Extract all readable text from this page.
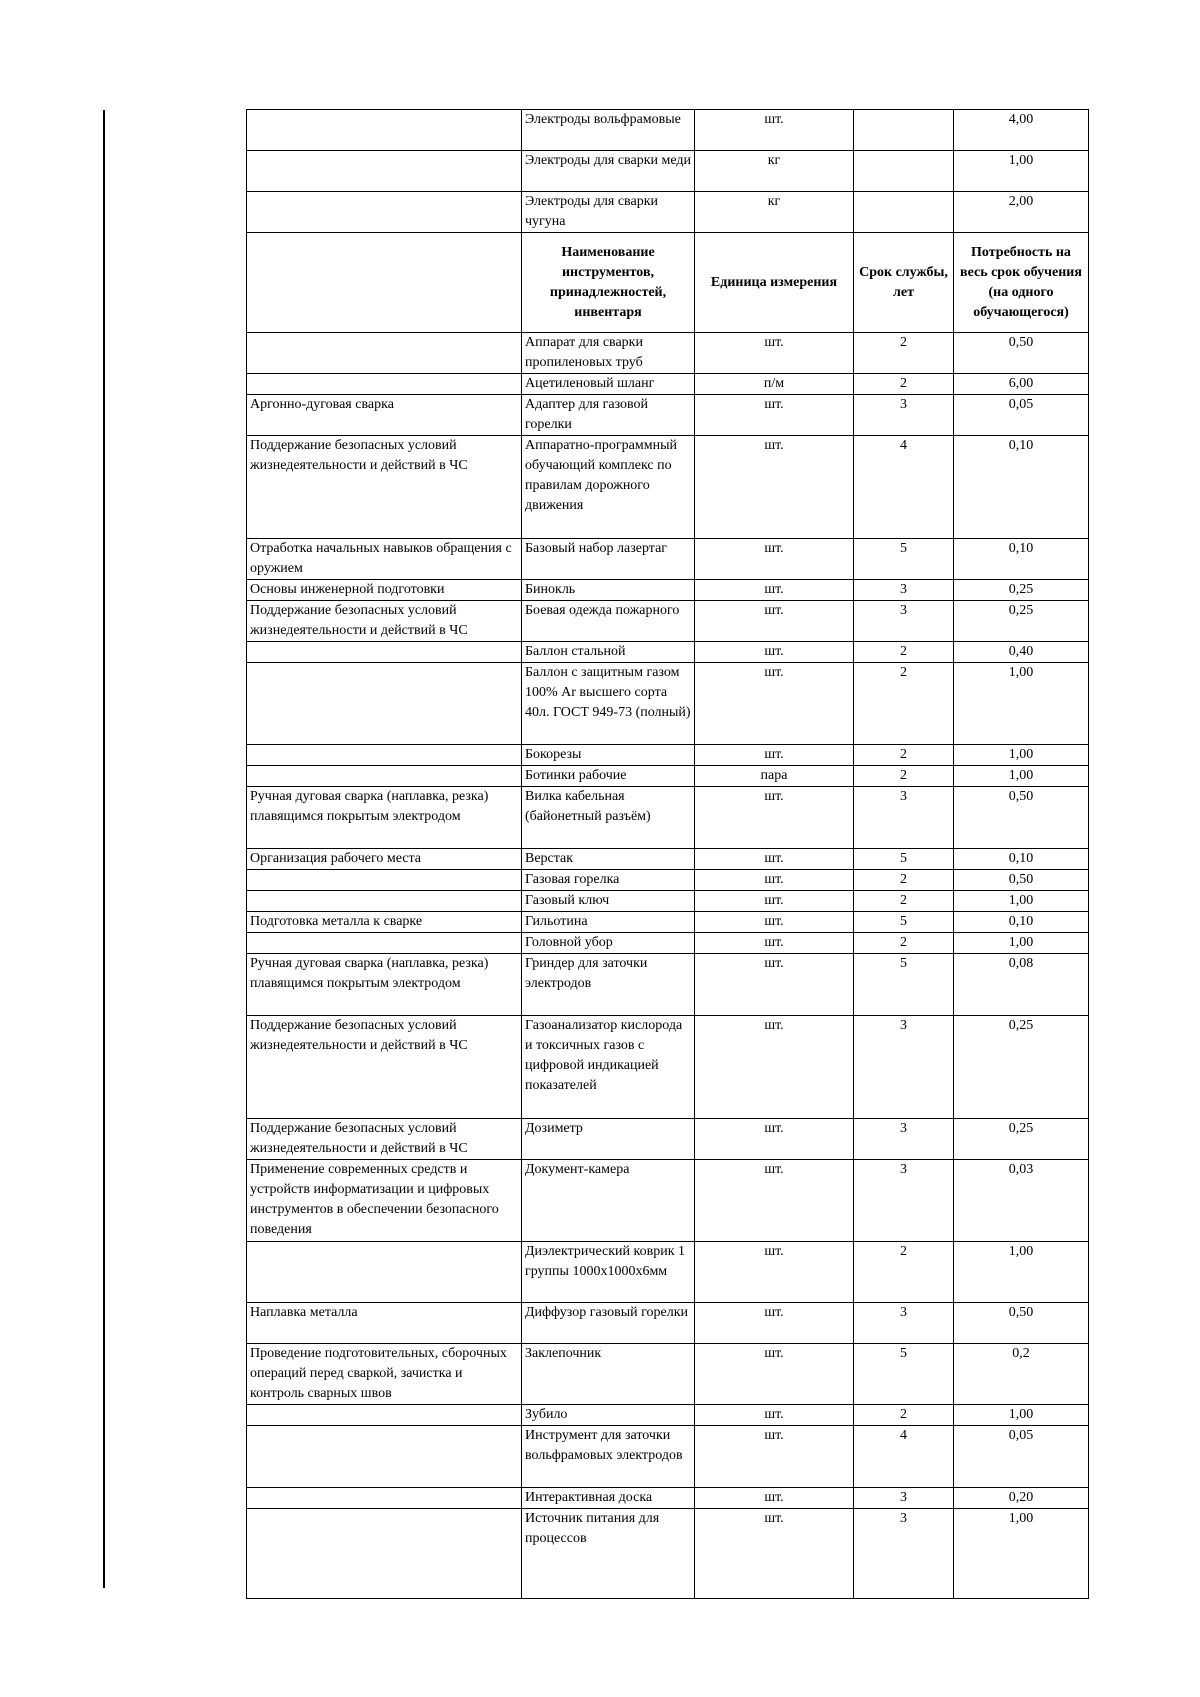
	Электроды вольфрамовые	шт.		4,00
	Электроды для сварки меди	кг		1,00
	Электроды для сварки чугуна	кг		2,00
	Наименование инструментов, принадлежностей, инвентаря	Единица измерения	Срок службы, лет	Потребность на весь срок обучения (на одного обучающегося)
	Аппарат для сварки пропиленовых труб	шт.	2	0,50
	Ацетиленовый шланг	п/м	2	6,00
Аргонно-дуговая сварка	Адаптер для газовой горелки	шт.	3	0,05
Поддержание безопасных условий жизнедеятельности и действий в ЧС	Аппаратно-программный обучающий комплекс по правилам дорожного движения	шт.	4	0,10
Отработка начальных навыков обращения с оружием	Базовый набор лазертаг	шт.	5	0,10
Основы инженерной подготовки	Бинокль	шт.	3	0,25
Поддержание безопасных условий жизнедеятельности и действий в ЧС	Боевая одежда пожарного	шт.	3	0,25
	Баллон стальной	шт.	2	0,40
	Баллон с защитным газом 100% Ar высшего сорта 40л. ГОСТ 949-73 (полный)	шт.	2	1,00
	Бокорезы	шт.	2	1,00
	Ботинки рабочие	пара	2	1,00
Ручная дуговая сварка (наплавка, резка) плавящимся покрытым электродом	Вилка кабельная (байонетный разъём)	шт.	3	0,50
Организация рабочего места	Верстак	шт.	5	0,10
	Газовая горелка	шт.	2	0,50
	Газовый ключ	шт.	2	1,00
Подготовка металла к сварке	Гильотина	шт.	5	0,10
	Головной убор	шт.	2	1,00
Ручная дуговая сварка (наплавка, резка) плавящимся покрытым электродом	Гриндер для заточки электродов	шт.	5	0,08
Поддержание безопасных условий жизнедеятельности и действий в ЧС	Газоанализатор кислорода и токсичных газов с цифровой индикацией показателей	шт.	3	0,25
Поддержание безопасных условий жизнедеятельности и действий в ЧС	Дозиметр	шт.	3	0,25
Применение современных средств и устройств информатизации и цифровых инструментов в обеспечении безопасного поведения	Документ-камера	шт.	3	0,03
	Диэлектрический коврик 1 группы 1000х1000х6мм	шт.	2	1,00
Наплавка металла	Диффузор газовый горелки	шт.	3	0,50
Проведение подготовительных, сборочных операций перед сваркой, зачистка и контроль сварных швов	Заклепочник	шт.	5	0,2
	Зубило	шт.	2	1,00
	Инструмент для заточки вольфрамовых электродов	шт.	4	0,05
	Интерактивная доска	шт.	3	0,20
	Источник питания для процессов	шт.	3	1,00
